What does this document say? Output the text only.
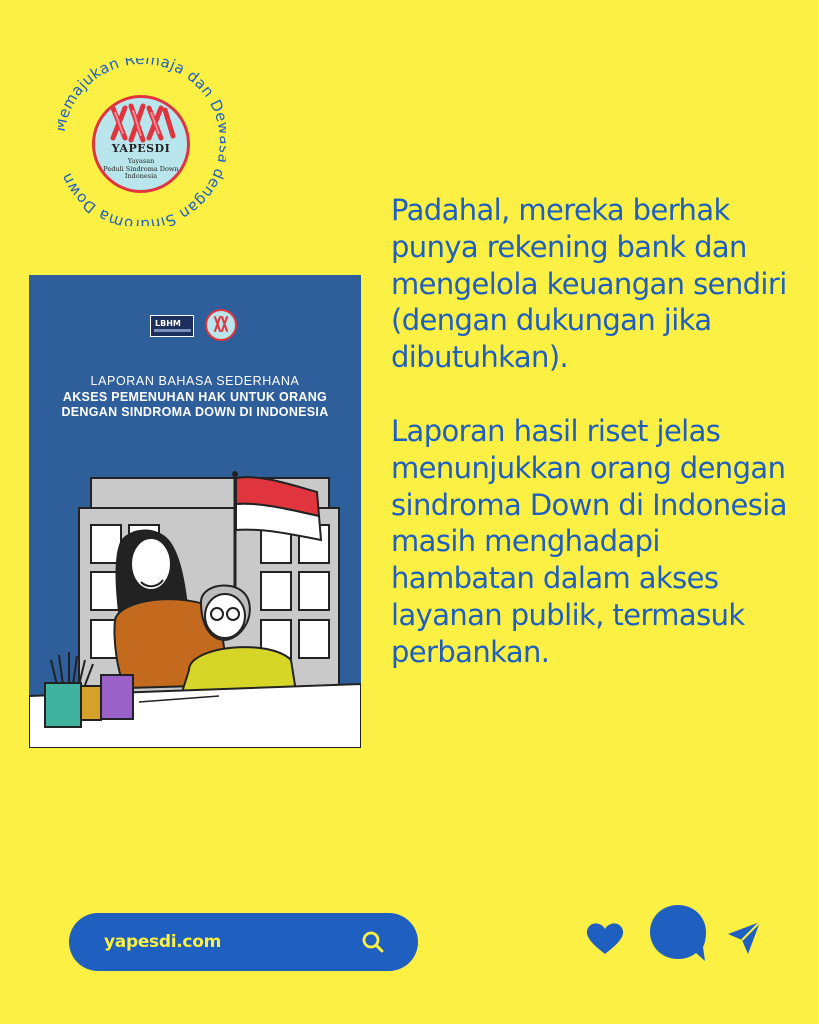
majukan Remaja dan D engan Sindroma Down
YAPESDI
Yayasan
Peduli Sindroma Down
Indonesia
LBHM
LAPORAN BAHASA SEDERHANA
AKSES PEMENUHAN HAK UNTUK ORANG DENGAN SINDROMA DOWN DI INDONESIA

Padahal, mereka berhak punya rekening bank dan mengelola keuangan sendiri (dengan dukungan jika dibutuhkan).

Laporan hasil riset jelas menunjukkan orang dengan sindroma Down di Indonesia masih menghadapi hambatan dalam akses layanan publik, termasuk perbankan.

yapesdi.com
